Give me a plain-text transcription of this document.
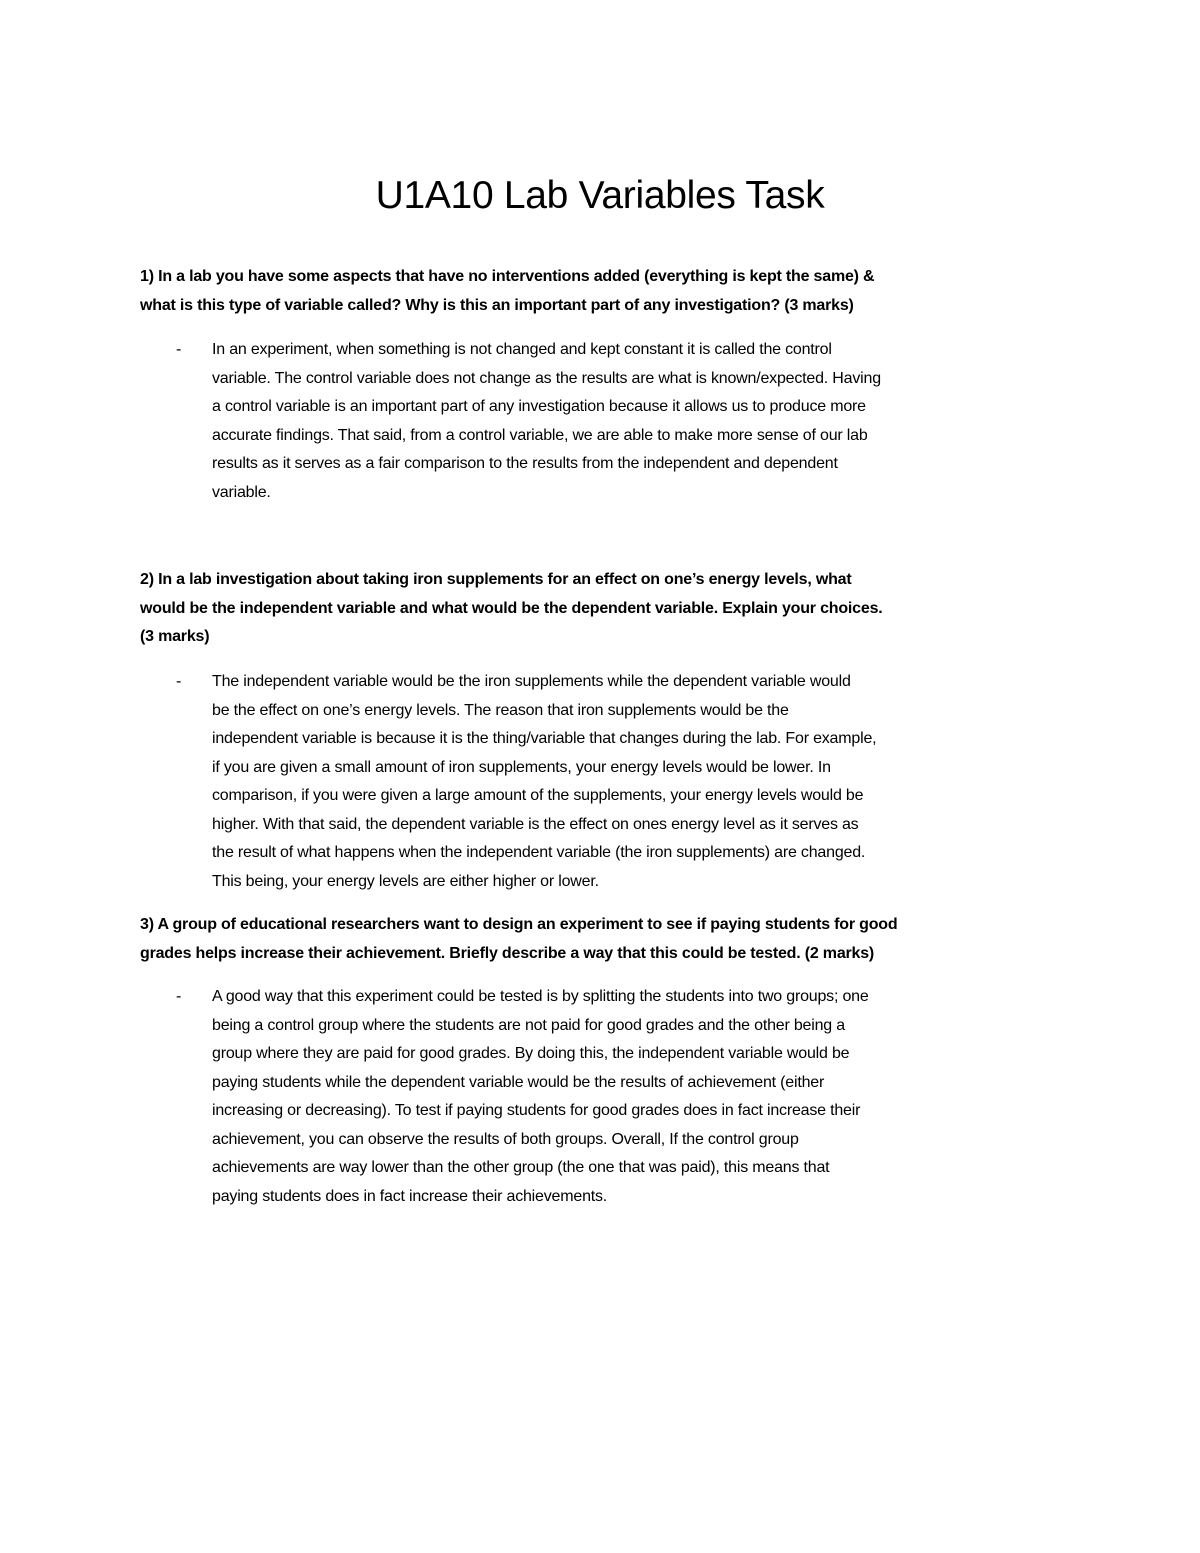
U1A10 Lab Variables Task
1) In a lab you have some aspects that have no interventions added (everything is kept the same) &
what is this type of variable called? Why is this an important part of any investigation? (3 marks)
- In an experiment, when something is not changed and kept constant it is called the control
variable. The control variable does not change as the results are what is known/expected. Having
a control variable is an important part of any investigation because it allows us to produce more
accurate findings. That said, from a control variable, we are able to make more sense of our lab
results as it serves as a fair comparison to the results from the independent and dependent
variable.
2) In a lab investigation about taking iron supplements for an effect on one’s energy levels, what
would be the independent variable and what would be the dependent variable. Explain your choices.
(3 marks)
- The independent variable would be the iron supplements while the dependent variable would
be the effect on one’s energy levels. The reason that iron supplements would be the
independent variable is because it is the thing/variable that changes during the lab. For example,
if you are given a small amount of iron supplements, your energy levels would be lower. In
comparison, if you were given a large amount of the supplements, your energy levels would be
higher. With that said, the dependent variable is the effect on ones energy level as it serves as
the result of what happens when the independent variable (the iron supplements) are changed.
This being, your energy levels are either higher or lower.
3) A group of educational researchers want to design an experiment to see if paying students for good
grades helps increase their achievement. Briefly describe a way that this could be tested. (2 marks)
- A good way that this experiment could be tested is by splitting the students into two groups; one
being a control group where the students are not paid for good grades and the other being a
group where they are paid for good grades. By doing this, the independent variable would be
paying students while the dependent variable would be the results of achievement (either
increasing or decreasing). To test if paying students for good grades does in fact increase their
achievement, you can observe the results of both groups. Overall, If the control group
achievements are way lower than the other group (the one that was paid), this means that
paying students does in fact increase their achievements.
